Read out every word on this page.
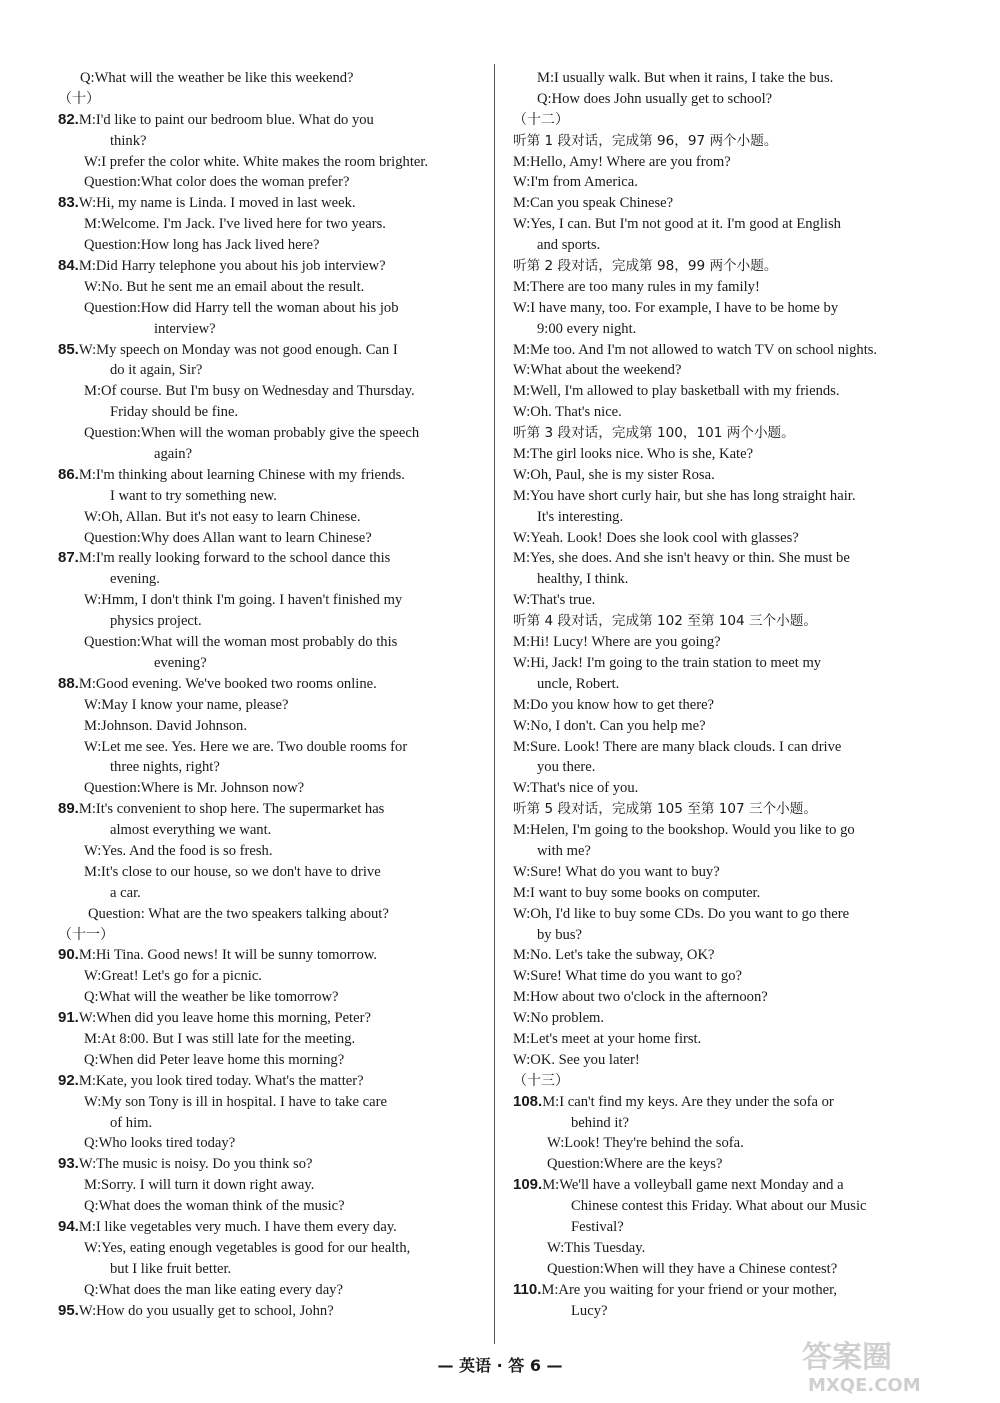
Q:What will the weather be like this weekend?
（十）
82.M:I'd like to paint our bedroom blue. What do you
think?
W:I prefer the color white. White makes the room brighter.
Question:What color does the woman prefer?
83.W:Hi, my name is Linda. I moved in last week.
M:Welcome. I'm Jack. I've lived here for two years.
Question:How long has Jack lived here?
84.M:Did Harry telephone you about his job interview?
W:No. But he sent me an email about the result.
Question:How did Harry tell the woman about his job
interview?
85.W:My speech on Monday was not good enough. Can I
do it again, Sir?
M:Of course. But I'm busy on Wednesday and Thursday.
Friday should be fine.
Question:When will the woman probably give the speech
again?
86.M:I'm thinking about learning Chinese with my friends.
I want to try something new.
W:Oh, Allan. But it's not easy to learn Chinese.
Question:Why does Allan want to learn Chinese?
87.M:I'm really looking forward to the school dance this
evening.
W:Hmm, I don't think I'm going. I haven't finished my
physics project.
Question:What will the woman most probably do this
evening?
88.M:Good evening. We've booked two rooms online.
W:May I know your name, please?
M:Johnson. David Johnson.
W:Let me see. Yes. Here we are. Two double rooms for
three nights, right?
Question:Where is Mr. Johnson now?
89.M:It's convenient to shop here. The supermarket has
almost everything we want.
W:Yes. And the food is so fresh.
M:It's close to our house, so we don't have to drive
a car.
Question: What are the two speakers talking about?
（十一）
90.M:Hi Tina. Good news! It will be sunny tomorrow.
W:Great! Let's go for a picnic.
Q:What will the weather be like tomorrow?
91.W:When did you leave home this morning, Peter?
M:At 8:00. But I was still late for the meeting.
Q:When did Peter leave home this morning?
92.M:Kate, you look tired today. What's the matter?
W:My son Tony is ill in hospital. I have to take care
of him.
Q:Who looks tired today?
93.W:The music is noisy. Do you think so?
M:Sorry. I will turn it down right away.
Q:What does the woman think of the music?
94.M:I like vegetables very much. I have them every day.
W:Yes, eating enough vegetables is good for our health,
but I like fruit better.
Q:What does the man like eating every day?
95.W:How do you usually get to school, John?
M:I usually walk. But when it rains, I take the bus.
Q:How does John usually get to school?
（十二）
听第 1 段对话，完成第 96，97 两个小题。
M:Hello, Amy! Where are you from?
W:I'm from America.
M:Can you speak Chinese?
W:Yes, I can. But I'm not good at it. I'm good at English
and sports.
听第 2 段对话，完成第 98，99 两个小题。
M:There are too many rules in my family!
W:I have many, too. For example, I have to be home by
9:00 every night.
M:Me too. And I'm not allowed to watch TV on school nights.
W:What about the weekend?
M:Well, I'm allowed to play basketball with my friends.
W:Oh. That's nice.
听第 3 段对话，完成第 100，101 两个小题。
M:The girl looks nice. Who is she, Kate?
W:Oh, Paul, she is my sister Rosa.
M:You have short curly hair, but she has long straight hair.
It's interesting.
W:Yeah. Look! Does she look cool with glasses?
M:Yes, she does. And she isn't heavy or thin. She must be
healthy, I think.
W:That's true.
听第 4 段对话，完成第 102 至第 104 三个小题。
M:Hi! Lucy! Where are you going?
W:Hi, Jack! I'm going to the train station to meet my
uncle, Robert.
M:Do you know how to get there?
W:No, I don't. Can you help me?
M:Sure. Look! There are many black clouds. I can drive
you there.
W:That's nice of you.
听第 5 段对话，完成第 105 至第 107 三个小题。
M:Helen, I'm going to the bookshop. Would you like to go
with me?
W:Sure! What do you want to buy?
M:I want to buy some books on computer.
W:Oh, I'd like to buy some CDs. Do you want to go there
by bus?
M:No. Let's take the subway, OK?
W:Sure! What time do you want to go?
M:How about two o'clock in the afternoon?
W:No problem.
M:Let's meet at your home first.
W:OK. See you later!
（十三）
108.M:I can't find my keys. Are they under the sofa or
behind it?
W:Look! They're behind the sofa.
Question:Where are the keys?
109.M:We'll have a volleyball game next Monday and a
Chinese contest this Friday. What about our Music
Festival?
W:This Tuesday.
Question:When will they have a Chinese contest?
110.M:Are you waiting for your friend or your mother,
Lucy?
— 英语 · 答 6 —	答案圈
MXQE.COM
